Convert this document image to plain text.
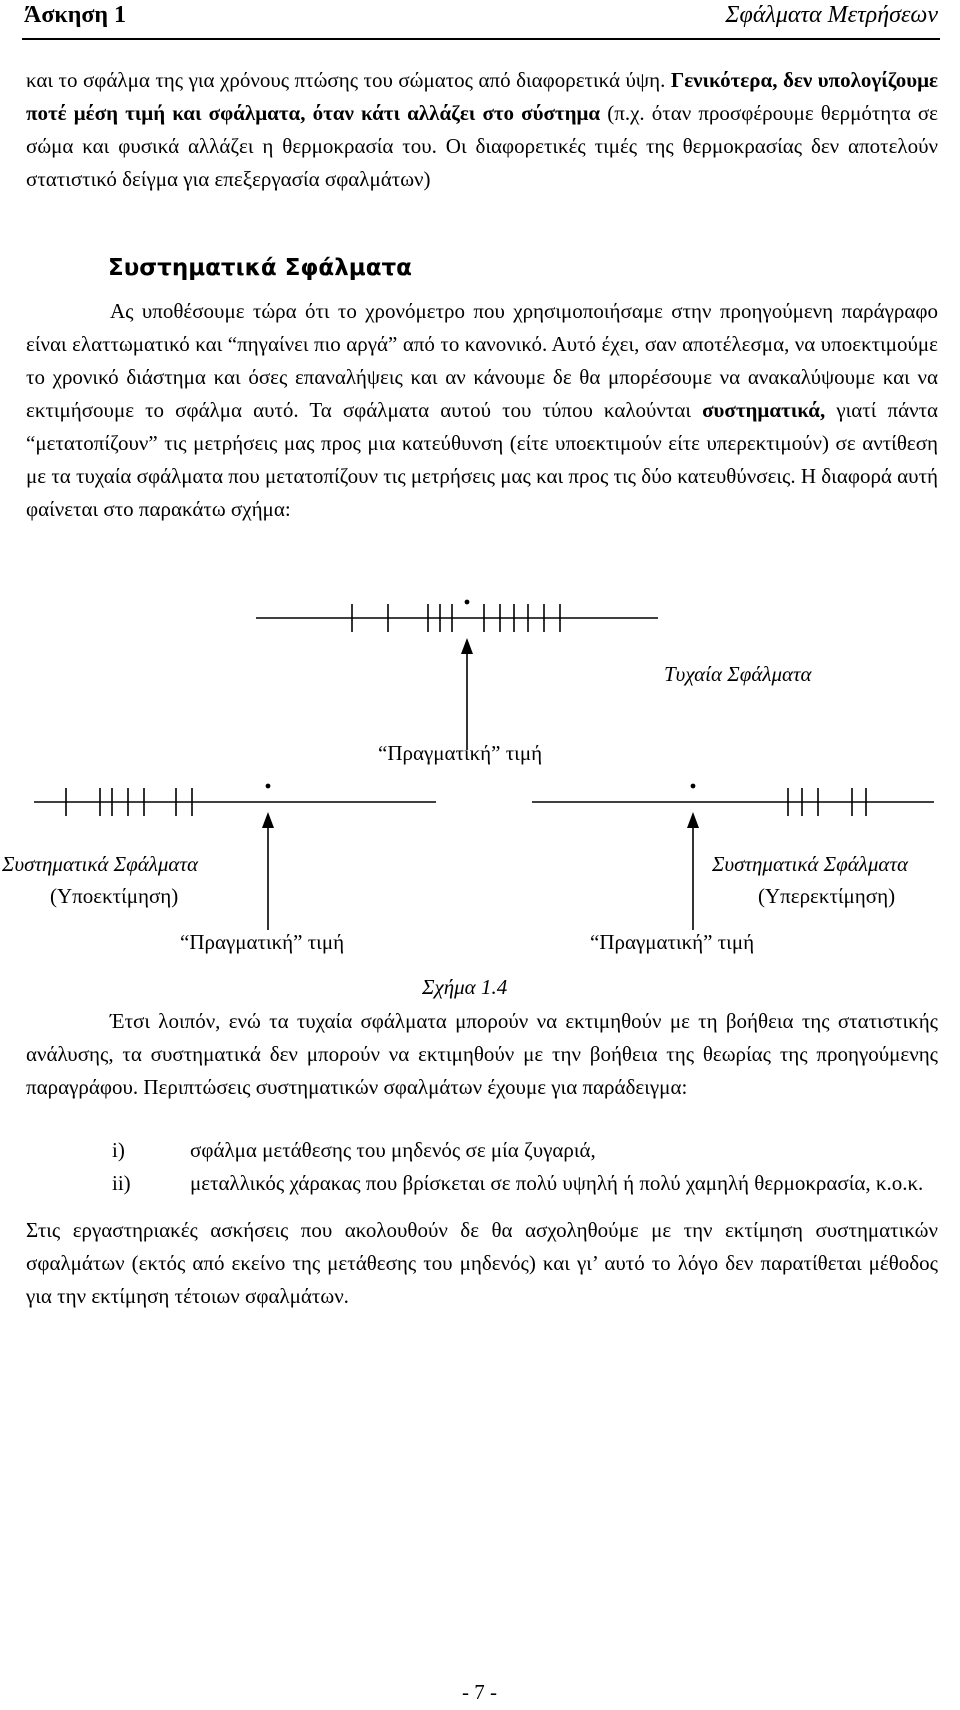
Άσκηση 1	Σφάλματα Μετρήσεων

και το σφάλμα της για χρόνους πτώσης του σώματος από διαφορετικά ύψη. Γενικότερα, δεν υπολογίζουμε ποτέ μέση τιμή και σφάλματα, όταν κάτι αλλάζει στο σύστημα (π.χ. όταν προσφέρουμε θερμότητα σε σώμα και φυσικά αλλάζει η θερμοκρασία του. Οι διαφορετικές τιμές της θερμοκρασίας δεν αποτελούν στατιστικό δείγμα για επεξεργασία σφαλμάτων)

Συστηματικά Σφάλματα

Ας υποθέσουμε τώρα ότι το χρονόμετρο που χρησιμοποιήσαμε στην προηγούμενη παράγραφο είναι ελαττωματικό και “πηγαίνει πιο αργά” από το κανονικό. Αυτό έχει, σαν αποτέλεσμα, να υποεκτιμούμε το χρονικό διάστημα και όσες επαναλήψεις και αν κάνουμε δε θα μπορέσουμε να ανακαλύψουμε και να εκτιμήσουμε το σφάλμα αυτό. Τα σφάλματα αυτού του τύπου καλούνται συστηματικά, γιατί πάντα “μετατοπίζουν” τις μετρήσεις μας προς μια κατεύθυνση (είτε υποεκτιμούν είτε υπερεκτιμούν) σε αντίθεση με τα τυχαία σφάλματα που μετατοπίζουν τις μετρήσεις μας και προς τις δύο κατευθύνσεις. Η διαφορά αυτή φαίνεται στο παρακάτω σχήμα:

Τυχαία Σφάλματα
“Πραγματική” τιμή
Συστηματικά Σφάλματα
(Υποεκτίμηση)
Συστηματικά Σφάλματα
(Υπερεκτίμηση)
“Πραγματική” τιμή	“Πραγματική” τιμή
Σχήμα 1.4

Έτσι λοιπόν, ενώ τα τυχαία σφάλματα μπορούν να εκτιμηθούν με τη βοήθεια της στατιστικής ανάλυσης, τα συστηματικά δεν μπορούν να εκτιμηθούν με την βοήθεια της θεωρίας της προηγούμενης παραγράφου. Περιπτώσεις συστηματικών σφαλμάτων έχουμε για παράδειγμα:

i)	σφάλμα μετάθεσης του μηδενός σε μία ζυγαριά,
ii)	μεταλλικός χάρακας που βρίσκεται σε πολύ υψηλή ή πολύ χαμηλή θερμοκρασία, κ.ο.κ.

Στις εργαστηριακές ασκήσεις που ακολουθούν δε θα ασχοληθούμε με την εκτίμηση συστηματικών σφαλμάτων (εκτός από εκείνο της μετάθεσης του μηδενός) και γι’ αυτό το λόγο δεν παρατίθεται μέθοδος για την εκτίμηση τέτοιων σφαλμάτων.

- 7 -
